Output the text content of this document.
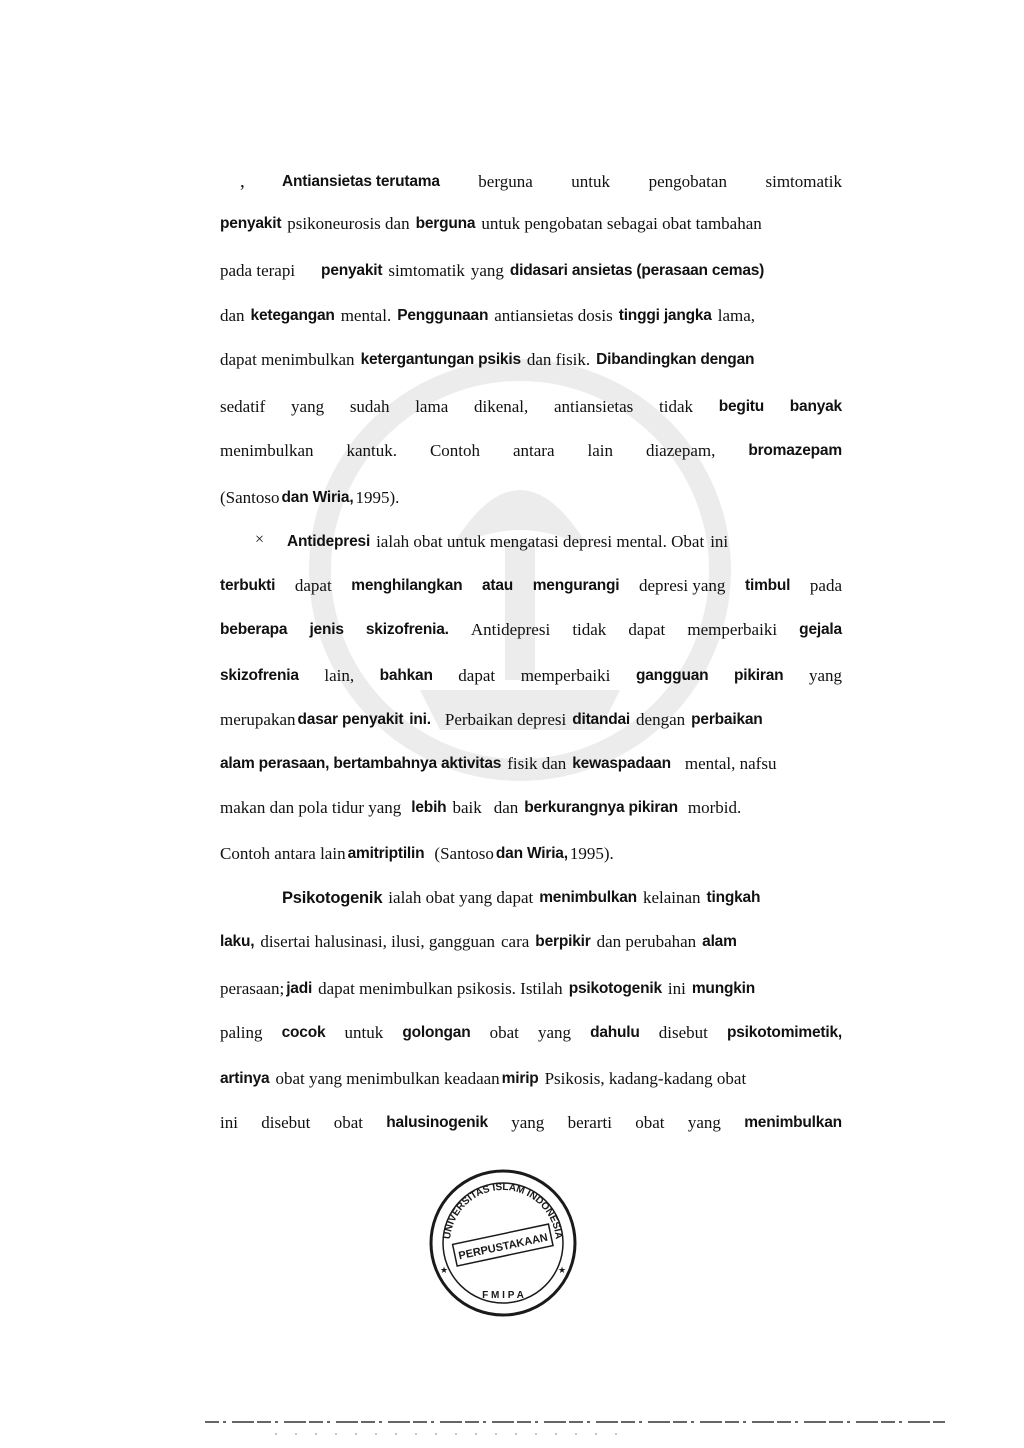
,
×
Antiansietas terutama berguna untuk pengobatan simtomatik
penyakit psikoneurosis dan berguna untuk pengobatan sebagai obat tambahan
pada terapi penyakit simtomatik yang didasari ansietas (perasaan cemas)
dan ketegangan mental. Penggunaan antiansietas dosis tinggi jangka lama,
dapat menimbulkan ketergantungan psikis dan fisik. Dibandingkan dengan
sedatif yang sudah lama dikenal, antiansietas tidak begitu banyak
menimbulkan kantuk. Contoh antara lain diazepam, bromazepam
(Santoso dan Wiria, 1995).
Antidepresi ialah obat untuk mengatasi depresi mental. Obat ini
terbukti dapat menghilangkan atau mengurangi depresi yang timbul pada
beberapa jenis skizofrenia. Antidepresi tidak dapat memperbaiki gejala
skizofrenia lain, bahkan dapat memperbaiki gangguan pikiran yang
merupakan dasar penyakit ini. Perbaikan depresi ditandai dengan perbaikan
alam perasaan, bertambahnya aktivitas fisik dan kewaspadaan mental, nafsu
makan dan pola tidur yang lebih baik dan berkurangnya pikiran morbid.
Contoh antara lain amitriptilin (Santoso dan Wiria, 1995).
Psikotogenik ialah obat yang dapat menimbulkan kelainan tingkah
laku, disertai halusinasi, ilusi, gangguan cara berpikir dan perubahan alam
perasaan; jadi dapat menimbulkan psikosis. Istilah psikotogenik ini mungkin
paling cocok untuk golongan obat yang dahulu disebut psikotomimetik,
artinya obat yang menimbulkan keadaan mirip Psikosis, kadang-kadang obat
ini disebut obat halusinogenik yang berarti obat yang menimbulkan
UNIVERSITAS ISLAM INDONESIA
PERPUSTAKAAN
F M I P A
★	★
